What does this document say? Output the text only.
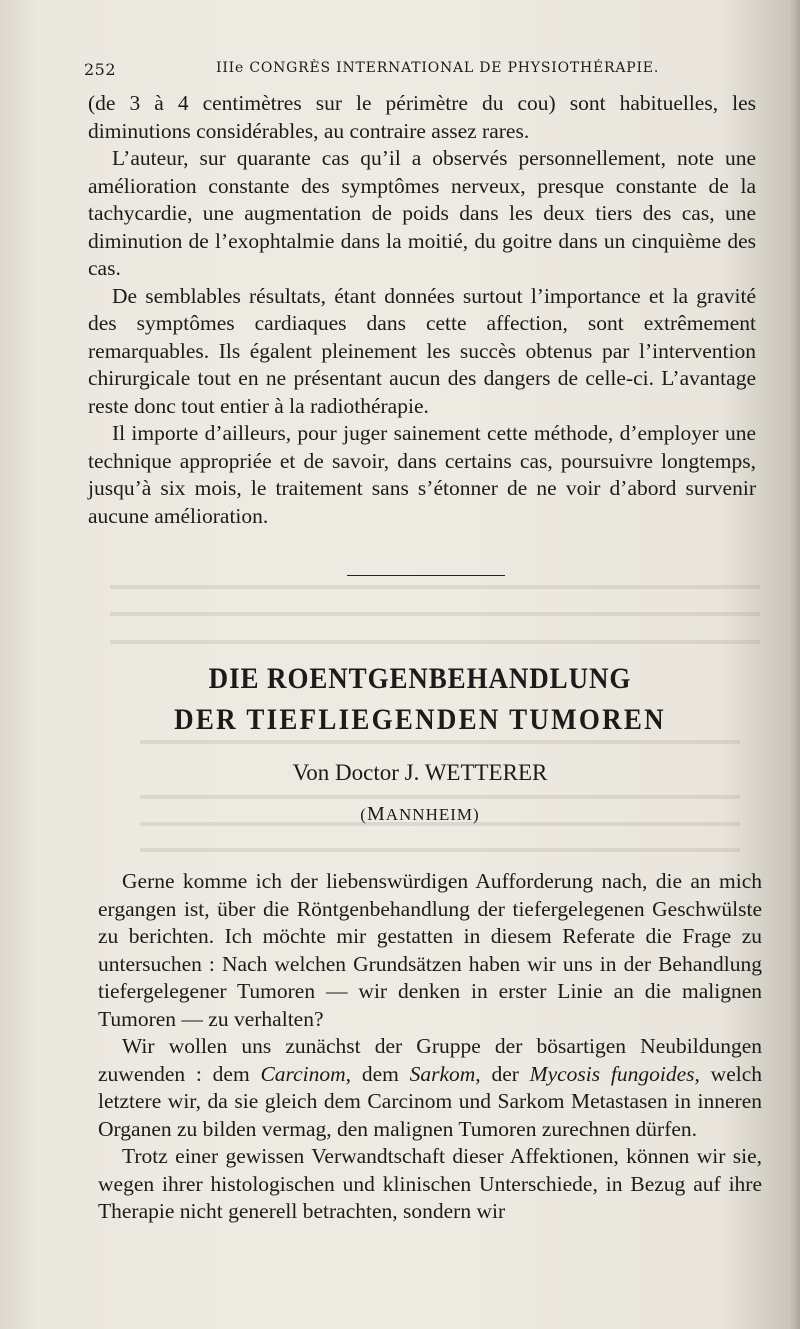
252	IIIe CONGRÈS INTERNATIONAL DE PHYSIOTHÉRAPIE.

(de 3 à 4 centimètres sur le périmètre du cou) sont habituelles, les diminutions considérables, au contraire assez rares.

L’auteur, sur quarante cas qu’il a observés personnellement, note une amélioration constante des symptômes nerveux, presque constante de la tachycardie, une augmentation de poids dans les deux tiers des cas, une diminution de l’exophtalmie dans la moitié, du goitre dans un cinquième des cas.

De semblables résultats, étant données surtout l’importance et la gravité des symptômes cardiaques dans cette affection, sont extrêmement remarquables. Ils égalent pleinement les succès obtenus par l’intervention chirurgicale tout en ne présentant aucun des dangers de celle-ci. L’avantage reste donc tout entier à la radiothérapie.

Il importe d’ailleurs, pour juger sainement cette méthode, d’employer une technique appropriée et de savoir, dans certains cas, poursuivre longtemps, jusqu’à six mois, le traitement sans s’étonner de ne voir d’abord survenir aucune amélioration.

DIE ROENTGENBEHANDLUNG
DER TIEFLIEGENDEN TUMOREN
Von Doctor J. WETTERER
(MANNHEIM)

Gerne komme ich der liebenswürdigen Aufforderung nach, die an mich ergangen ist, über die Röntgenbehandlung der tiefergelegenen Geschwülste zu berichten. Ich möchte mir gestatten in diesem Referate die Frage zu untersuchen : Nach welchen Grundsätzen haben wir uns in der Behandlung tiefergelegener Tumoren — wir denken in erster Linie an die malignen Tumoren — zu verhalten?

Wir wollen uns zunächst der Gruppe der bösartigen Neubildungen zuwenden : dem Carcinom, dem Sarkom, der Mycosis fungoides, welch letztere wir, da sie gleich dem Carcinom und Sarkom Metastasen in inneren Organen zu bilden vermag, den malignen Tumoren zurechnen dürfen.

Trotz einer gewissen Verwandtschaft dieser Affektionen, können wir sie, wegen ihrer histologischen und klinischen Unterschiede, in Bezug auf ihre Therapie nicht generell betrachten, sondern wir
